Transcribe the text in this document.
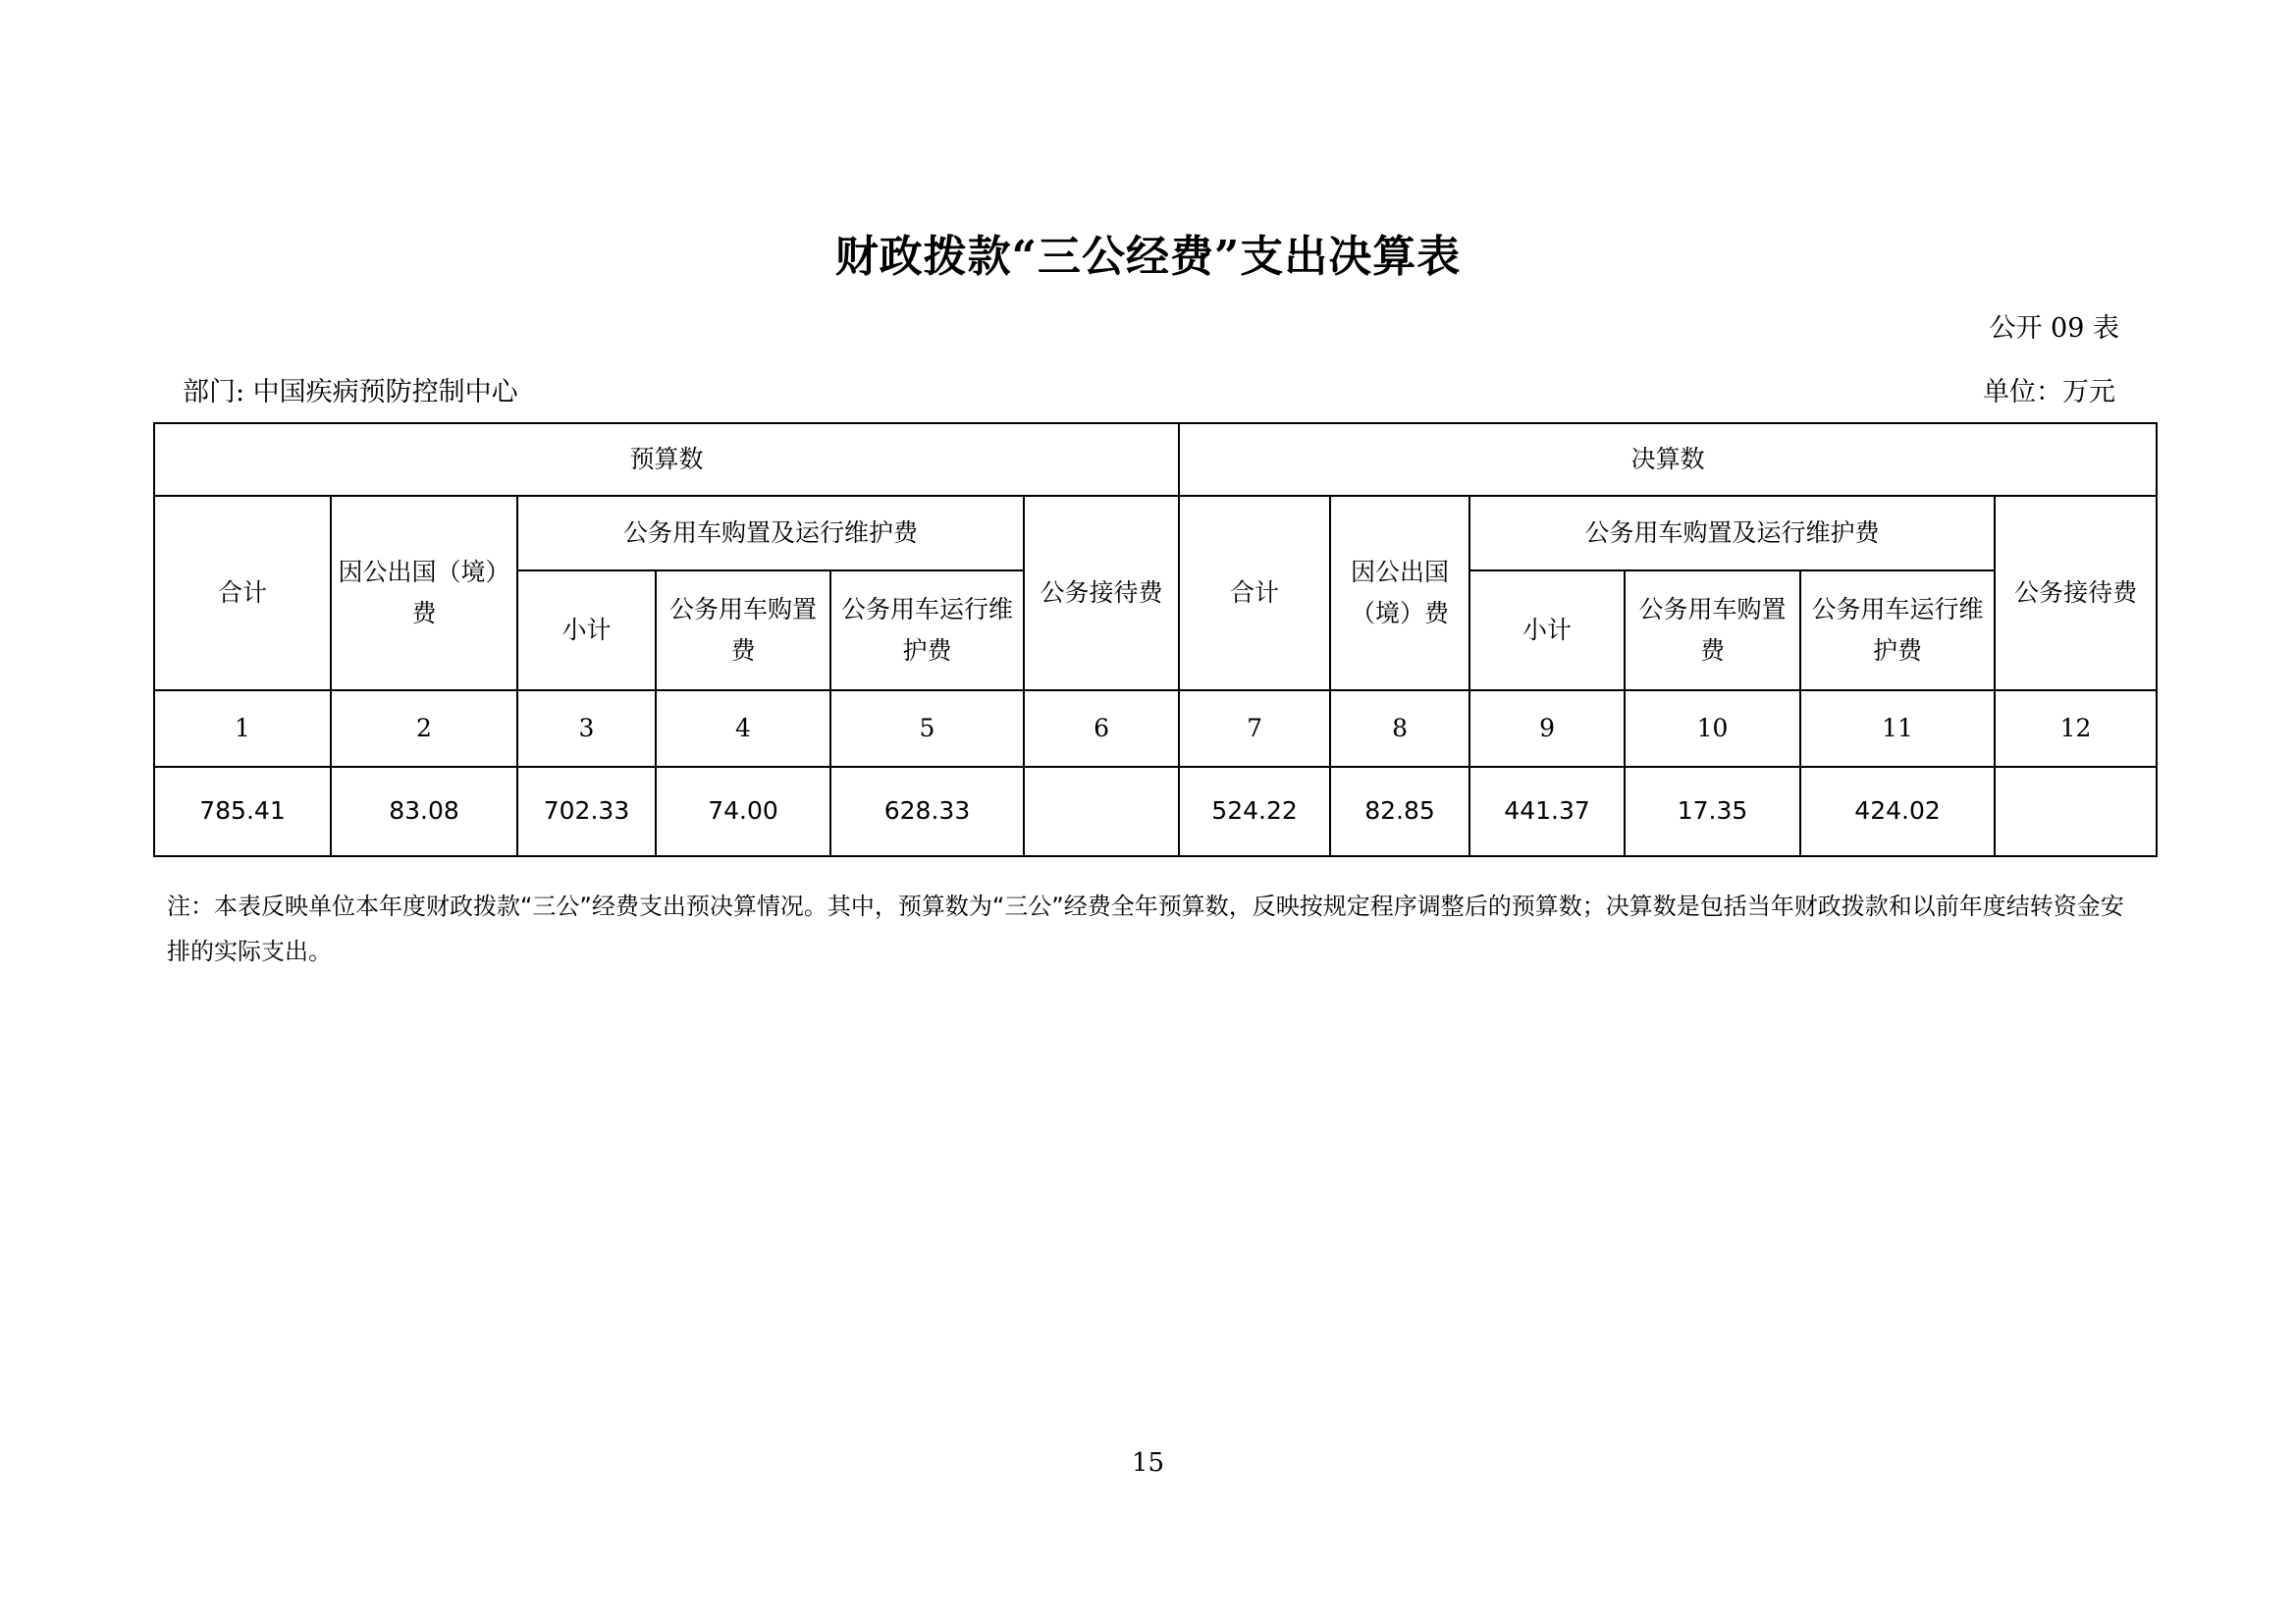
财政拨款“三公经费”支出决算表
公开 09 表
部门: 中国疾病预防控制中心	单位：万元
预算数						决算数					
合计	因公出国（境）费	公务用车购置及运行维护费			公务接待费	合计	因公出国（境）费	公务用车购置及运行维护费			公务接待费
		小计	公务用车购置费	公务用车运行维护费				小计	公务用车购置费	公务用车运行维护费	
1	2	3	4	5	6	7	8	9	10	11	12
785.41	83.08	702.33	74.00	628.33		524.22	82.85	441.37	17.35	424.02	
注：本表反映单位本年度财政拨款“三公”经费支出预决算情况。其中，预算数为“三公”经费全年预算数，反映按规定程序调整后的预算数；决算数是包括当年财政拨款和以前年度结转资金安排的实际支出。
15
